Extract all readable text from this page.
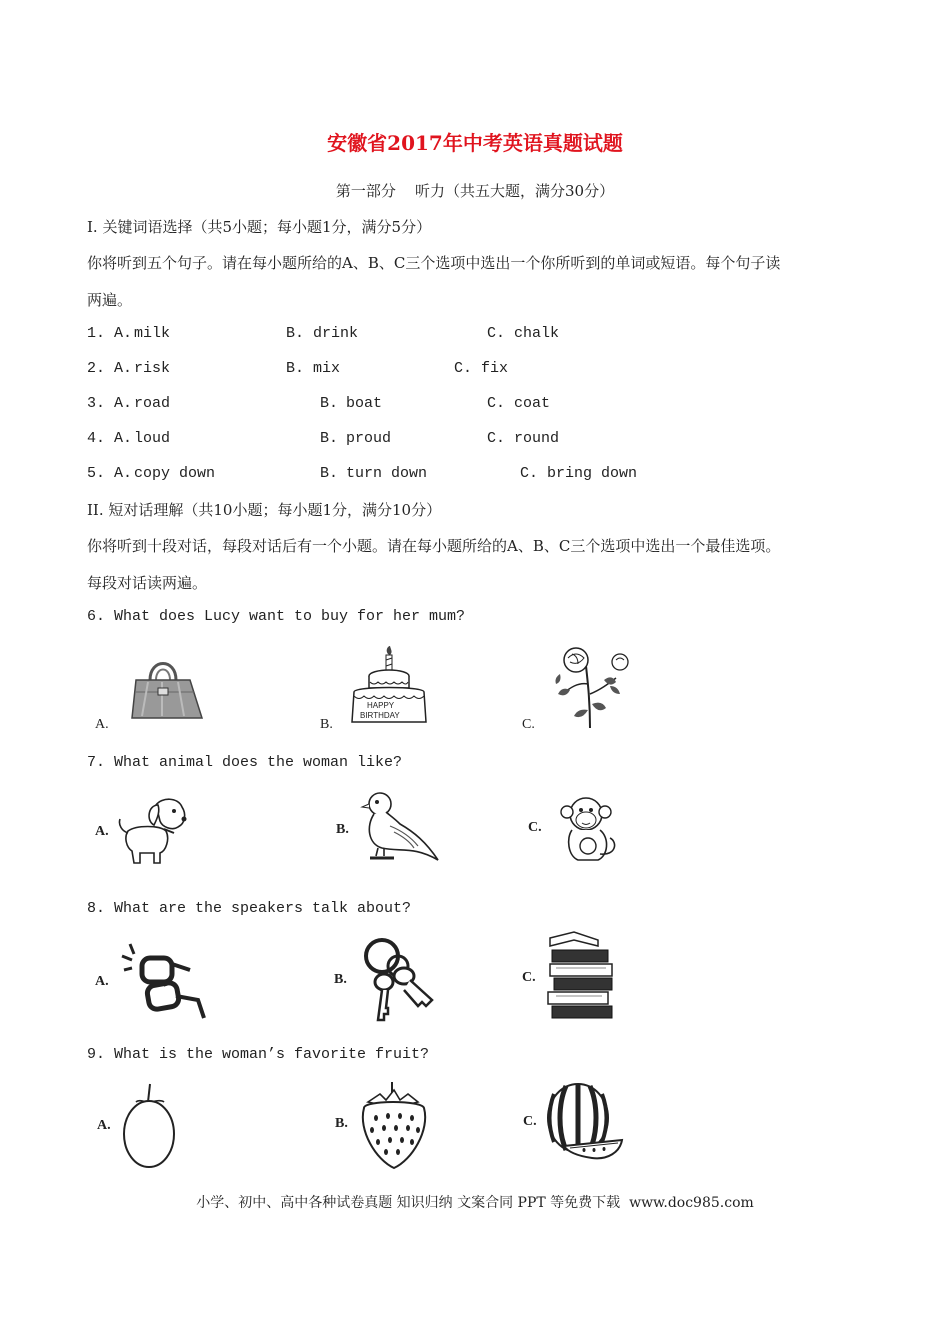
安徽省2017年中考英语真题试题
第一部分    听力（共五大题，满分30分）
I. 关键词语选择（共5小题；每小题1分，满分5分）
你将听到五个句子。请在每小题所给的A、B、C三个选项中选出一个你所听到的单词或短语。每个句子读
两遍。
1. A. milk	B. drink	C. chalk
2. A. risk	B. mix	C. fix
3. A. road	B. boat	C. coat
4. A. loud	B. proud	C. round
5. A. copy down	B. turn down	C. bring down
II. 短对话理解（共10小题；每小题1分，满分10分）
你将听到十段对话，每段对话后有一个小题。请在每小题所给的A、B、C三个选项中选出一个最佳选项。
每段对话读两遍。
6. What does Lucy want to buy for her mum?
A.	B.	C.
HAPPY
BIRTHDAY
7. What animal does the woman like?
A.	B.	C.
8. What are the speakers talk about?
A.	B.	C.
9. What is the woman’s favorite fruit?
A.	B.	C.
小学、初中、高中各种试卷真题 知识归纳 文案合同 PPT 等免费下载  www.doc985.com
